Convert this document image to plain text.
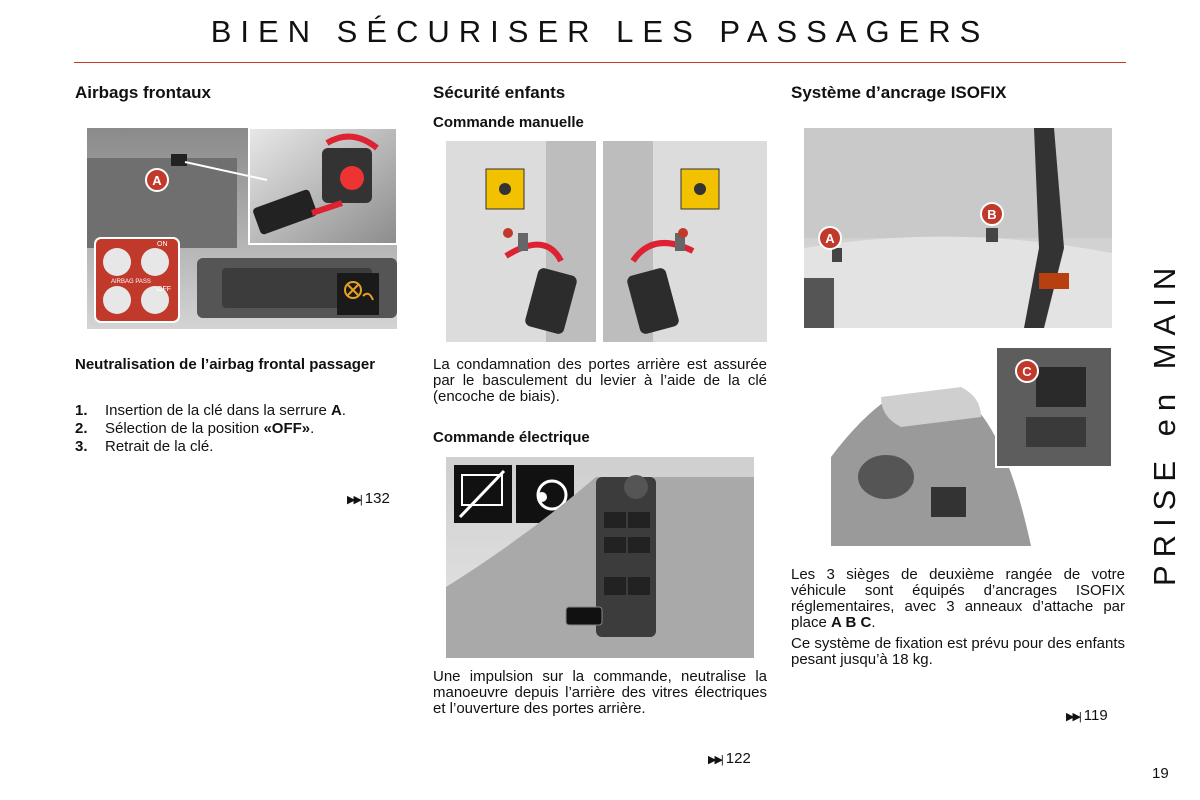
BIEN SÉCURISER LES PASSAGERS
Airbags frontaux
A
ON
AIRBAG PASS
OFF
Neutralisation de l’airbag frontal passager
1.	Insertion de la clé dans la serrure A.
2.	Sélection de la position «OFF».
3.	Retrait de la clé.
▶▶| 132
Sécurité enfants
Commande manuelle
La condamnation des portes arrière est assurée par le basculement du levier à l’aide de la clé (encoche de biais).
Commande électrique
Une impulsion sur la commande, neutralise la manoeuvre depuis l’arrière des vitres électriques et l’ouverture des portes arrière.
▶▶| 122
Système d’ancrage ISOFIX
A
B
C
Les 3 sièges de deuxième rangée de votre véhicule sont équipés d’ancrages ISOFIX réglementaires, avec 3 anneaux d’attache par place A B C.
Ce système de fixation est prévu pour des enfants pesant jusqu’à 18 kg.
▶▶| 119
PRISE en MAIN
19
